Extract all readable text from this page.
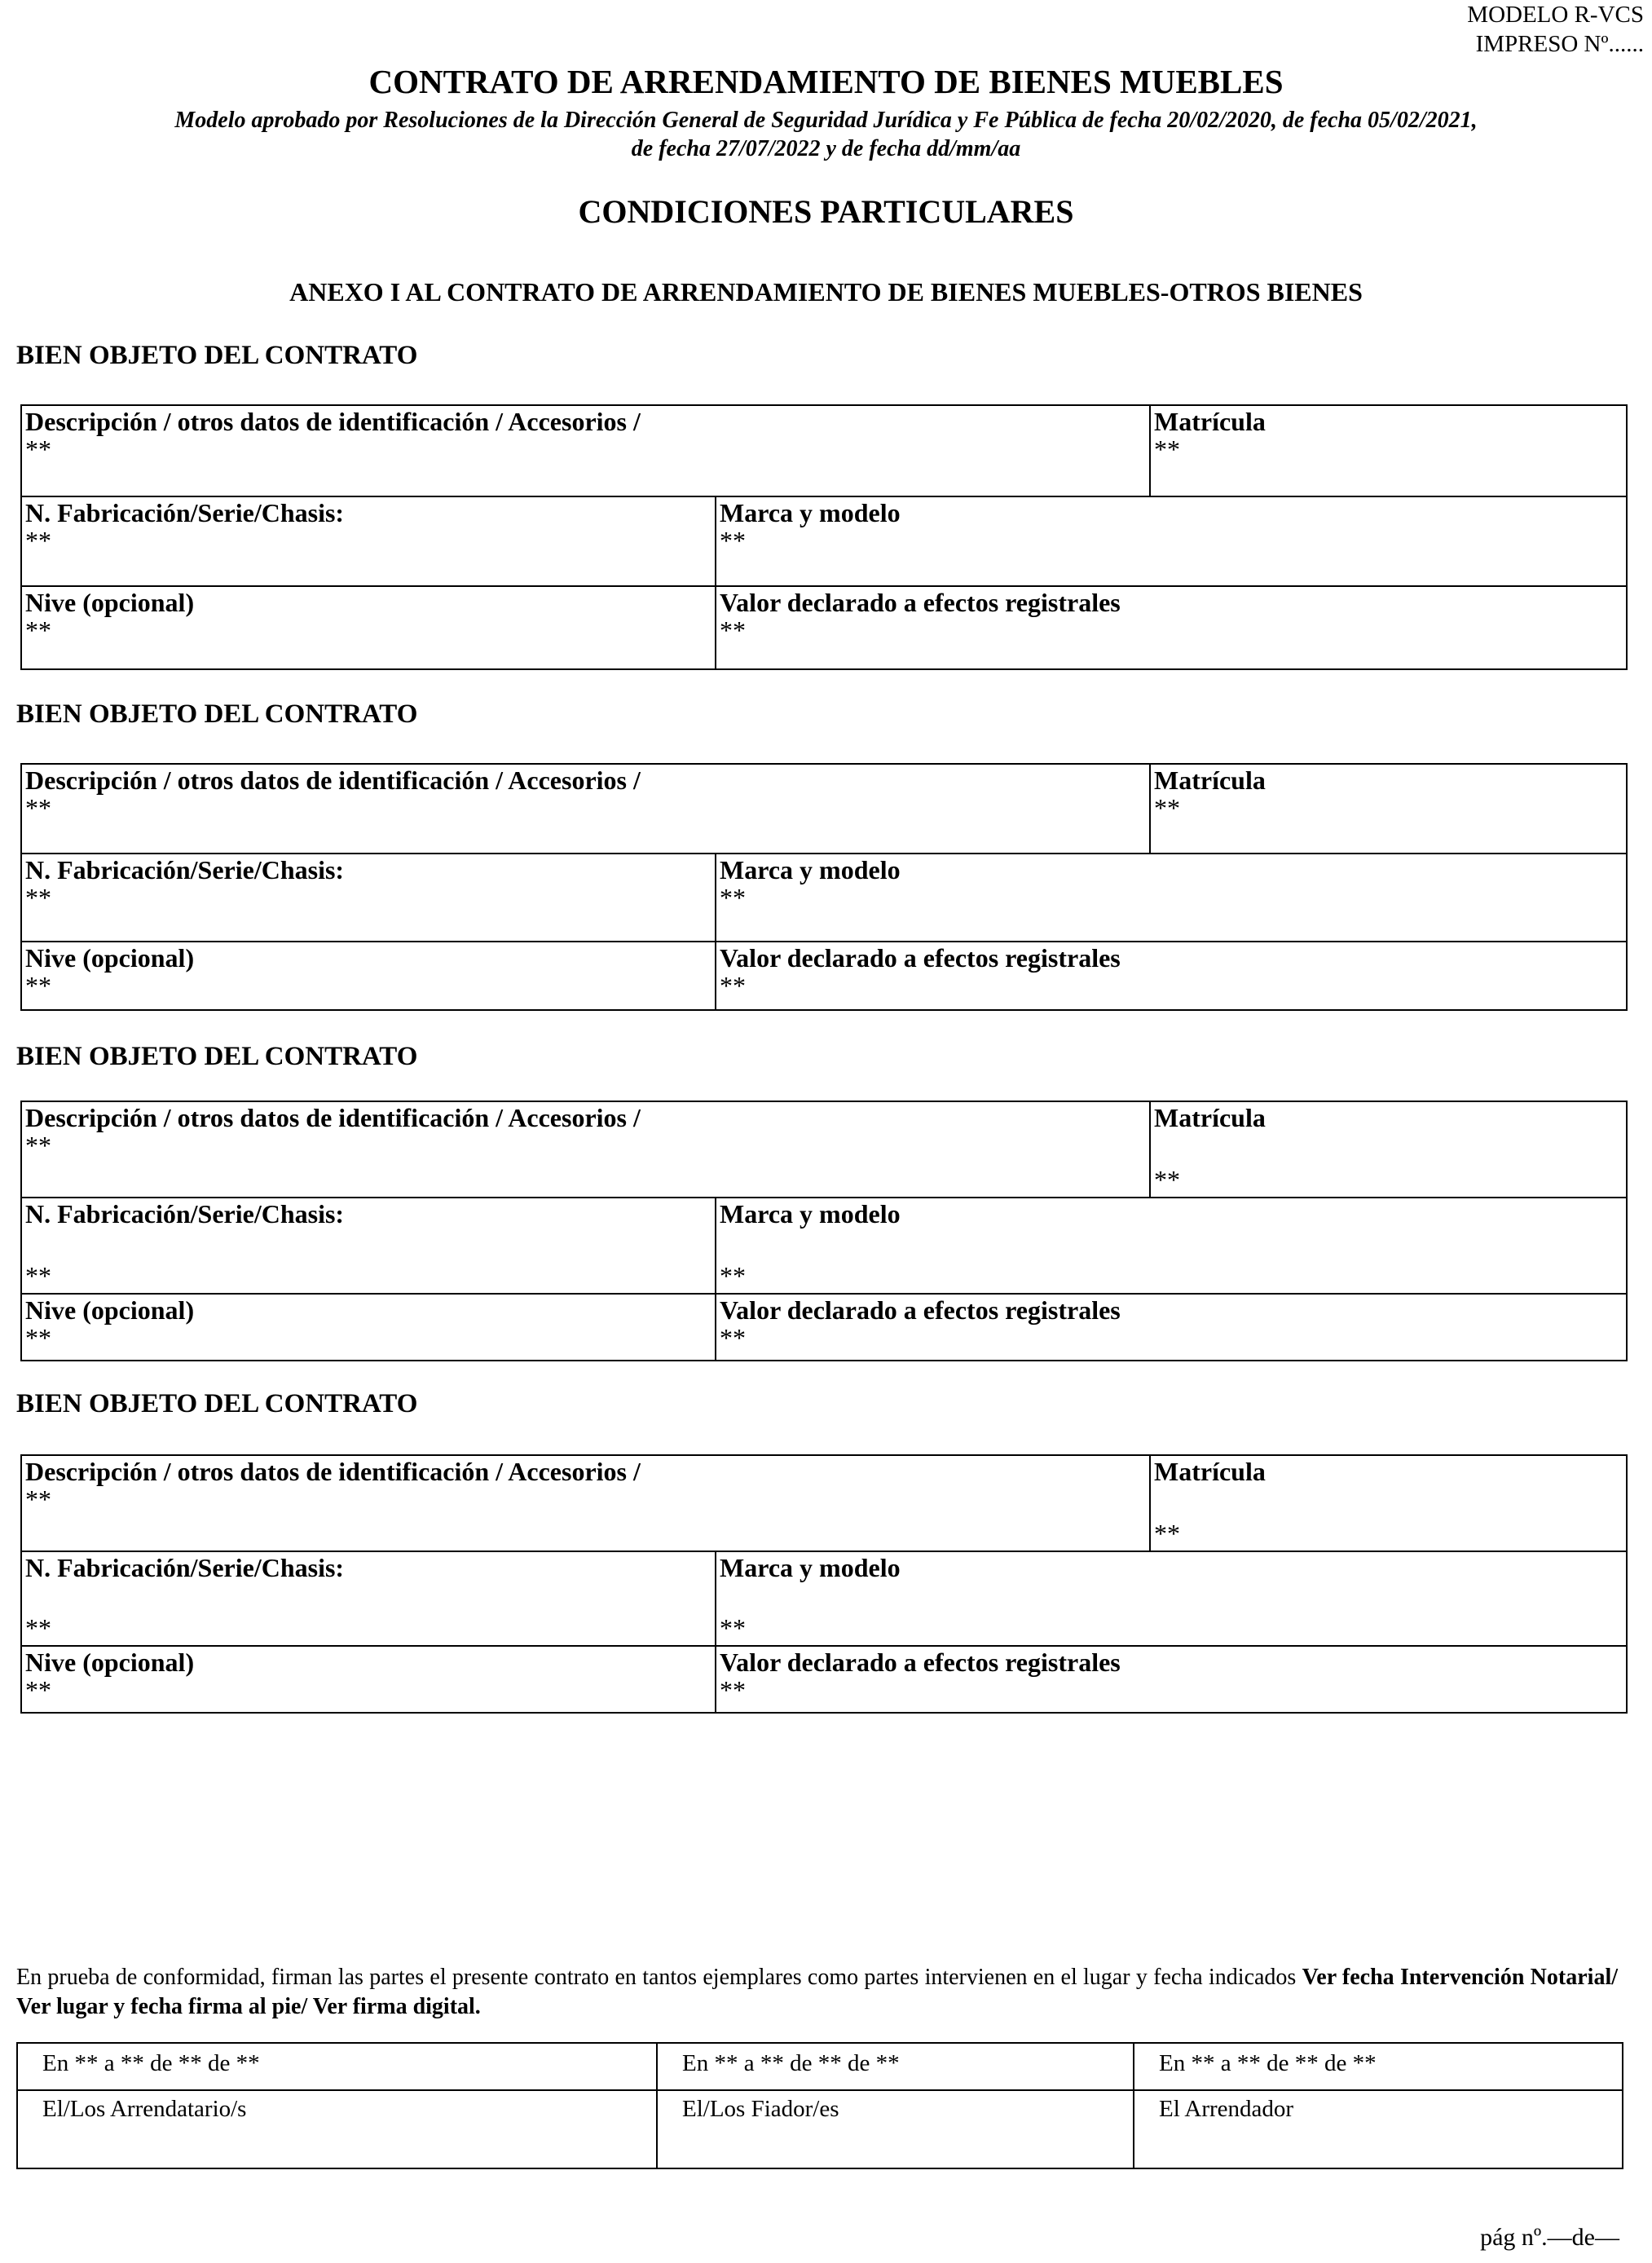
MODELO R-VCS
IMPRESO Nº......
CONTRATO DE ARRENDAMIENTO DE BIENES MUEBLES
Modelo aprobado por Resoluciones de la Dirección General de Seguridad Jurídica y Fe Pública de fecha 20/02/2020, de fecha 05/02/2021, de fecha 27/07/2022 y de fecha dd/mm/aa
CONDICIONES PARTICULARES
ANEXO I AL CONTRATO DE ARRENDAMIENTO DE BIENES MUEBLES-OTROS BIENES
BIEN OBJETO DEL CONTRATO
Descripción / otros datos de identificación / Accesorios /
**
Matrícula
**
N. Fabricación/Serie/Chasis:
**
Marca y modelo
**
Nive (opcional)
**
Valor declarado a efectos registrales
**
BIEN OBJETO DEL CONTRATO
Descripción / otros datos de identificación / Accesorios /
**
Matrícula
**
N. Fabricación/Serie/Chasis:
**
Marca y modelo
**
Nive (opcional)
**
Valor declarado a efectos registrales
**
BIEN OBJETO DEL CONTRATO
Descripción / otros datos de identificación / Accesorios /
**
Matrícula
**
N. Fabricación/Serie/Chasis:
**
Marca y modelo
**
Nive (opcional)
**
Valor declarado a efectos registrales
**
BIEN OBJETO DEL CONTRATO
Descripción / otros datos de identificación / Accesorios /
**
Matrícula
**
N. Fabricación/Serie/Chasis:
**
Marca y modelo
**
Nive (opcional)
**
Valor declarado a efectos registrales
**
En prueba de conformidad, firman las partes el presente contrato en tantos ejemplares como partes intervienen en el lugar y fecha indicados Ver fecha Intervención Notarial/ Ver lugar y fecha firma al pie/ Ver firma digital.
En ** a ** de ** de **	En ** a ** de ** de **	En ** a ** de ** de **
El/Los Arrendatario/s	El/Los Fiador/es	El Arrendador
pág nº.—de—
